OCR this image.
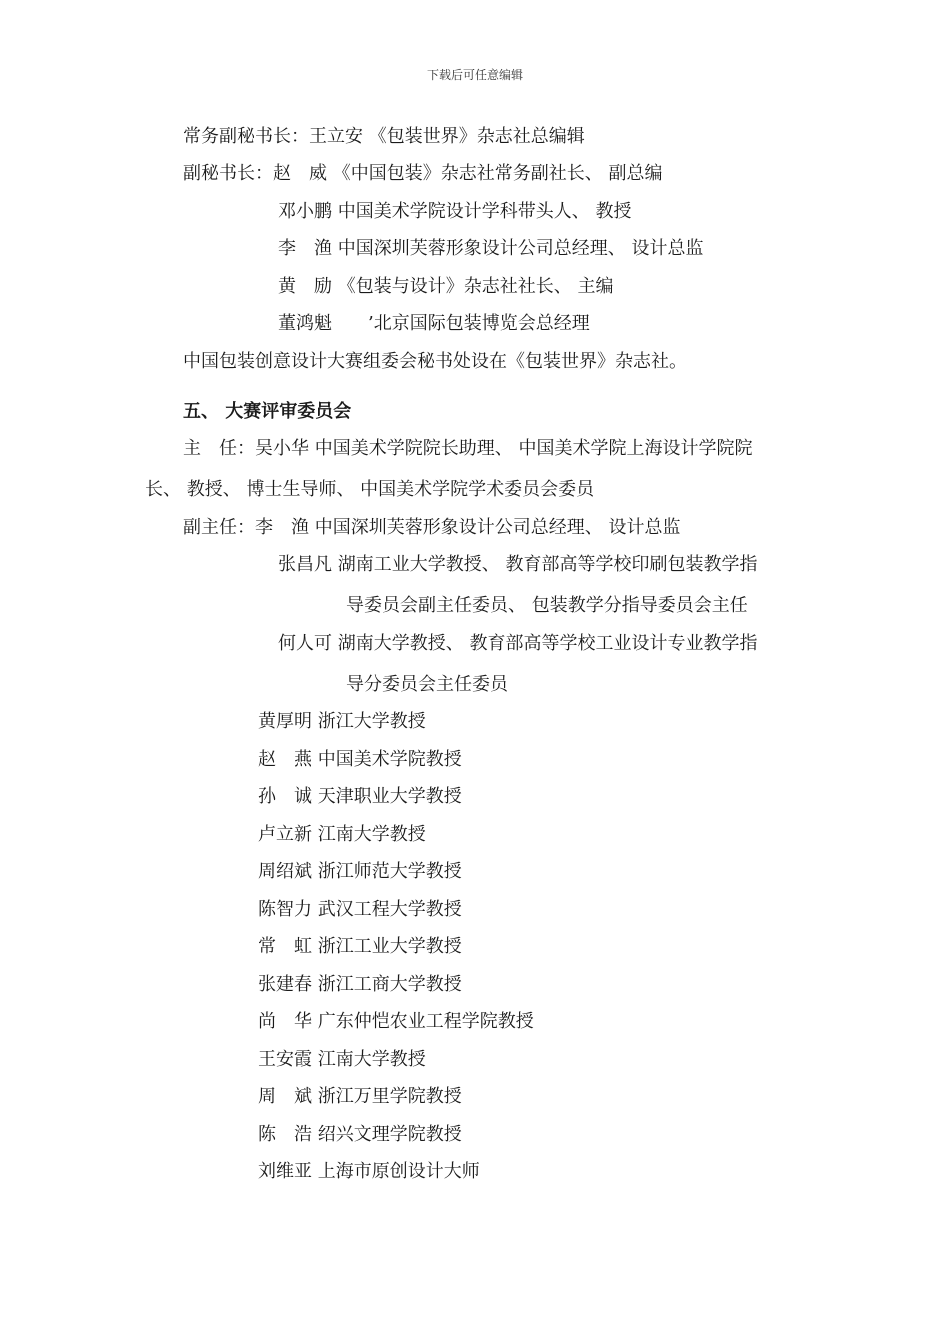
下载后可任意编辑
常务副秘书长：王立安 《包装世界》杂志社总编辑
副秘书长：赵　威 《中国包装》杂志社常务副社长、 副总编
邓小鹏 中国美术学院设计学科带头人、 教授
李　渔 中国深圳芙蓉形象设计公司总经理、 设计总监
黄　励 《包装与设计》杂志社社长、 主编
董鸿魁　　’北京国际包装博览会总经理
中国包装创意设计大赛组委会秘书处设在《包装世界》杂志社。
五、 大赛评审委员会
主　任：吴小华 中国美术学院院长助理、 中国美术学院上海设计学院院
长、 教授、 博士生导师、 中国美术学院学术委员会委员
副主任：李　渔 中国深圳芙蓉形象设计公司总经理、 设计总监
张昌凡 湖南工业大学教授、 教育部高等学校印刷包装教学指
导委员会副主任委员、 包装教学分指导委员会主任
何人可 湖南大学教授、 教育部高等学校工业设计专业教学指
导分委员会主任委员
黄厚明 浙江大学教授
赵　燕 中国美术学院教授
孙　诚 天津职业大学教授
卢立新 江南大学教授
周绍斌 浙江师范大学教授
陈智力 武汉工程大学教授
常　虹 浙江工业大学教授
张建春 浙江工商大学教授
尚　华 广东仲恺农业工程学院教授
王安霞 江南大学教授
周　斌 浙江万里学院教授
陈　浩 绍兴文理学院教授
刘维亚 上海市原创设计大师
